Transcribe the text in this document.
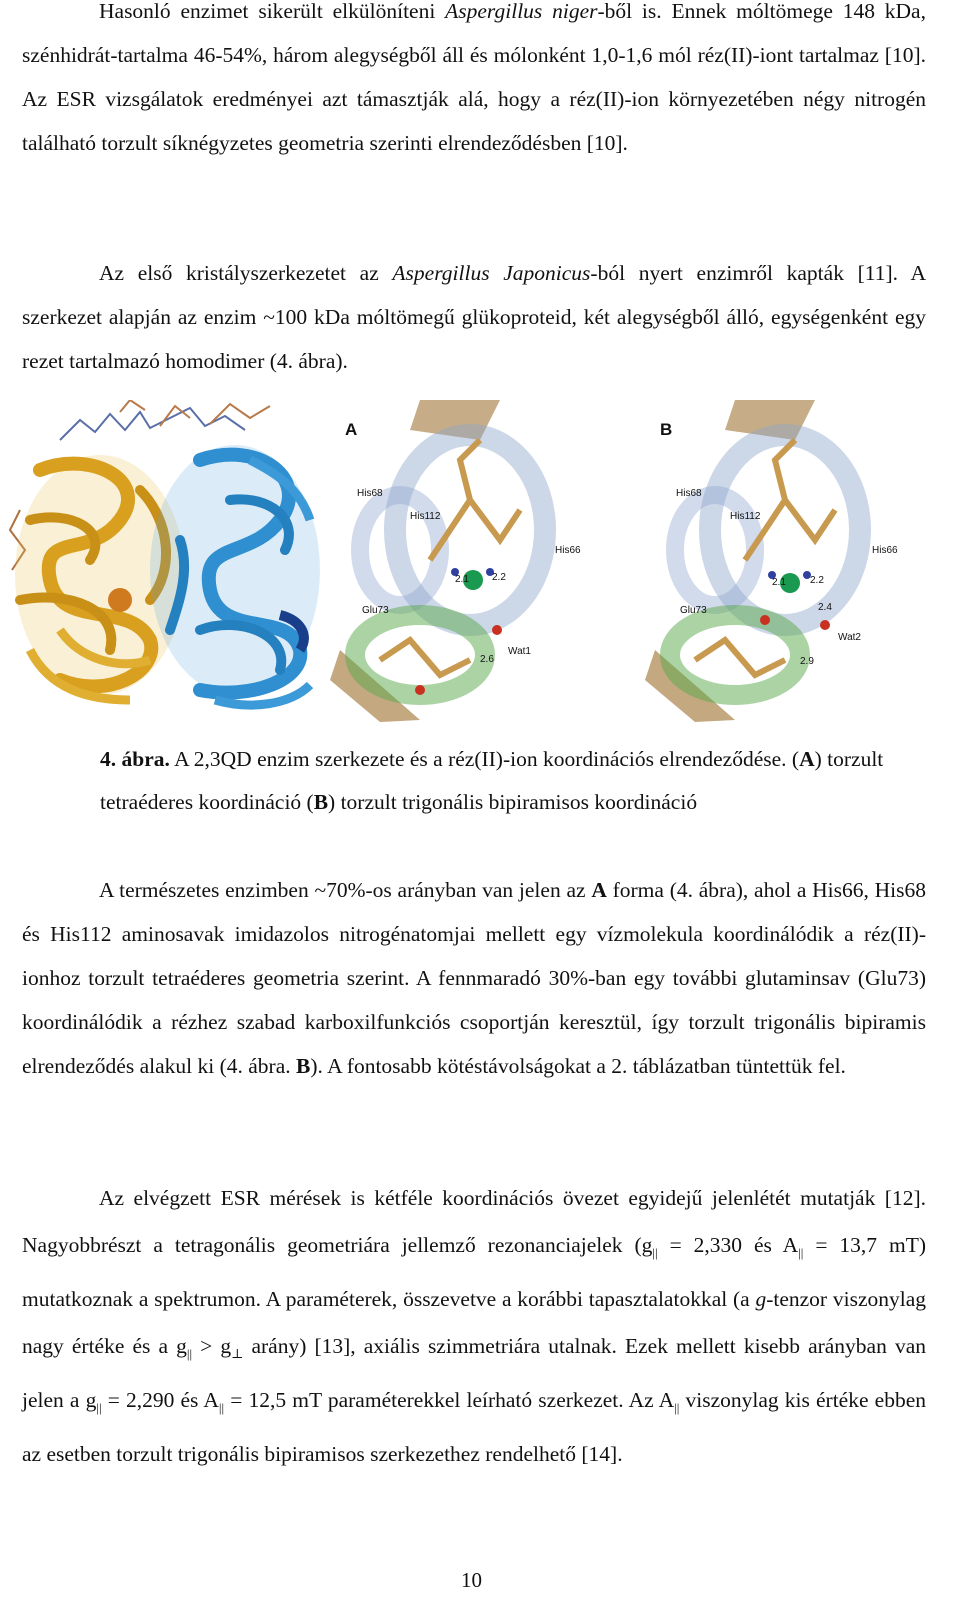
Hasonló enzimet sikerült elkülöníteni Aspergillus niger-ből is. Ennek móltömege 148 kDa, szénhidrát-tartalma 46-54%, három alegységből áll és mólonként 1,0-1,6 mól réz(II)-iont tartalmaz [10]. Az ESR vizsgálatok eredményei azt támasztják alá, hogy a réz(II)-ion környezetében négy nitrogén található torzult síknégyzetes geometria szerinti elrendeződésben [10].

Az első kristályszerkezetet az Aspergillus Japonicus-ból nyert enzimről kapták [11]. A szerkezet alapján az enzim ~100 kDa móltömegű glükoproteid, két alegységből álló, egységenként egy rezet tartalmazó homodimer (4. ábra).

A
His68
His112
His66
Glu73
Wat1
2.1 2.2
2.6
B
His68
His112
His66
Glu73
Wat2
2.1 2.2
2.4
2.9

4. ábra. A 2,3QD enzim szerkezete és a réz(II)-ion koordinációs elrendeződése. (A) torzult tetraéderes koordináció (B) torzult trigonális bipiramisos koordináció

A természetes enzimben ~70%-os arányban van jelen az A forma (4. ábra), ahol a His66, His68 és His112 aminosavak imidazolos nitrogénatomjai mellett egy vízmolekula koordinálódik a réz(II)-ionhoz torzult tetraéderes geometria szerint. A fennmaradó 30%-ban egy további glutaminsav (Glu73) koordinálódik a rézhez szabad karboxilfunkciós csoportján keresztül, így torzult trigonális bipiramis elrendeződés alakul ki (4. ábra. B). A fontosabb kötéstávolságokat a 2. táblázatban tüntettük fel.

Az elvégzett ESR mérések is kétféle koordinációs övezet egyidejű jelenlétét mutatják [12]. Nagyobbrészt a tetragonális geometriára jellemző rezonanciajelek ($g_{||} = 2,330$ és $A_{||} = 13,7$ mT) mutatkoznak a spektrumon. A paraméterek, összevetve a korábbi tapasztalatokkal (a g-tenzor viszonylag nagy értéke és a $g_{||} > g_\perp$ arány) [13], axiális szimmetriára utalnak. Ezek mellett kisebb arányban van jelen a $g_{||} = 2,290$ és $A_{||} = 12,5$ mT paraméterekkel leírható szerkezet. Az $A_{||}$ viszonylag kis értéke ebben az esetben torzult trigonális bipiramisos szerkezethez rendelhető [14].

10
